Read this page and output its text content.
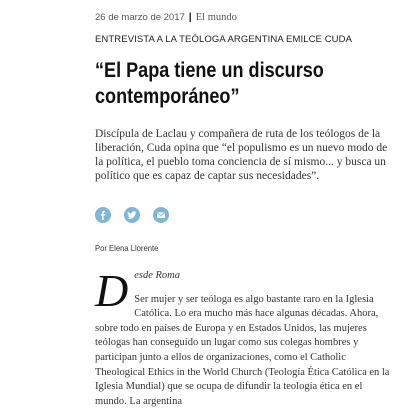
26 de marzo de 2017 | El mundo
ENTREVISTA A LA TEÓLOGA ARGENTINA EMILCE CUDA
“El Papa tiene un discurso contemporáneo”

Discípula de Laclau y compañera de ruta de los teólogos de la liberación, Cuda opina que “el populismo es un nuevo modo de la política, el pueblo toma conciencia de sí mismo... y busca un político que es capaz de captar sus necesidades”.

Por Elena Llorente
D esde Roma

Ser mujer y ser teóloga es algo bastante raro en la Iglesia Católica. Lo era mucho más hace algunas décadas. Ahora, sobre todo en países de Europa y en Estados Unidos, las mujeres teólogas han conseguido un lugar como sus colegas hombres y participan junto a ellos de organizaciones, como el Catholic Theological Ethics in the World Church (Teología Ética Católica en la Iglesia Mundial) que se ocupa de difundir la teología ética en el mundo. La argentina
